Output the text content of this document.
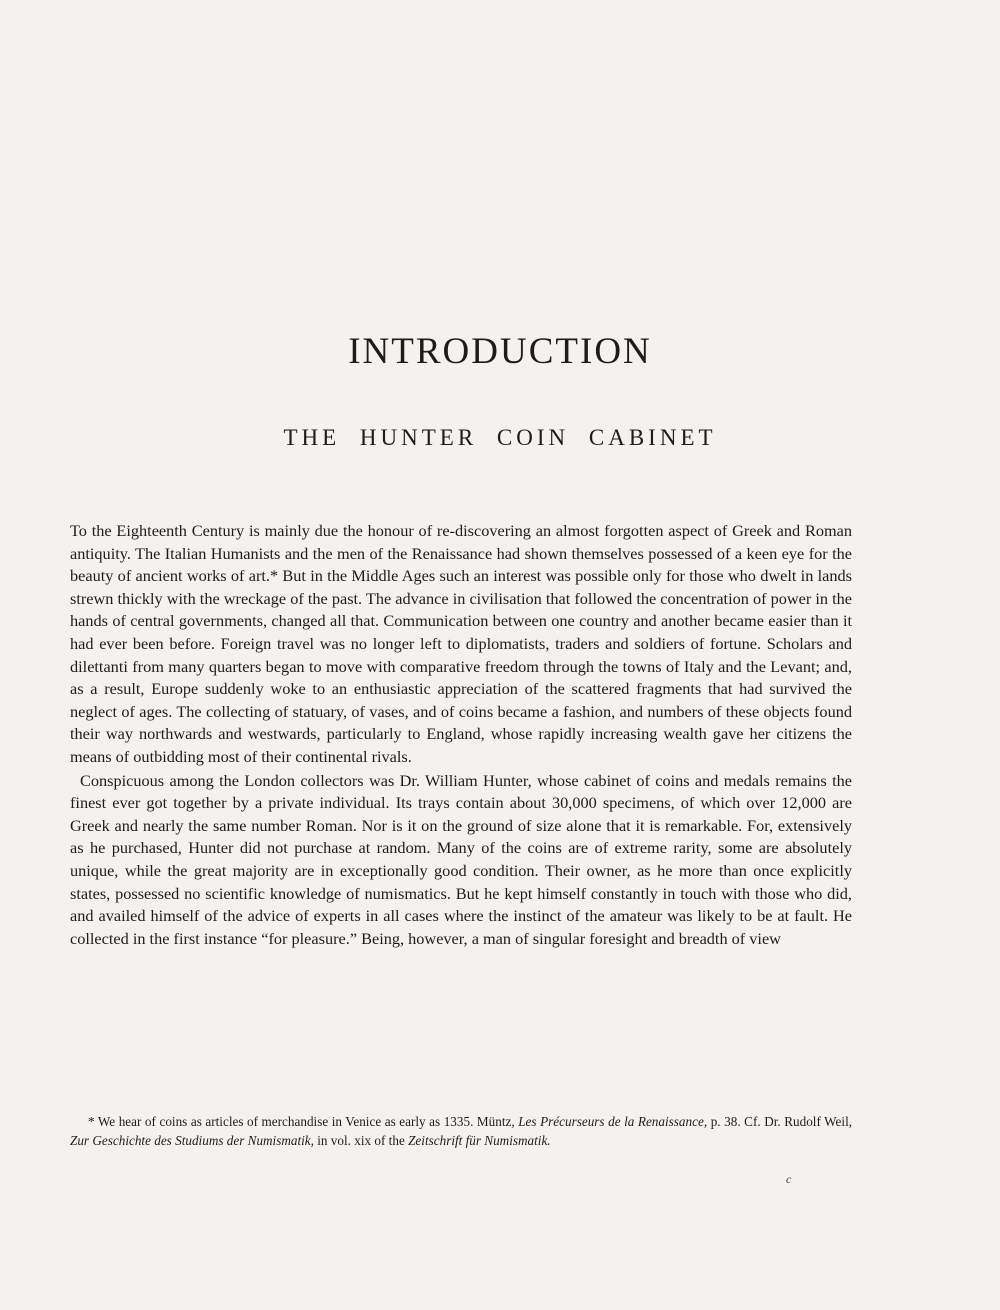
INTRODUCTION
THE HUNTER COIN CABINET

To the Eighteenth Century is mainly due the honour of re-discovering an almost forgotten aspect of Greek and Roman antiquity. The Italian Humanists and the men of the Renaissance had shown themselves possessed of a keen eye for the beauty of ancient works of art.* But in the Middle Ages such an interest was possible only for those who dwelt in lands strewn thickly with the wreckage of the past. The advance in civilisation that followed the concentration of power in the hands of central governments, changed all that. Communication between one country and another became easier than it had ever been before. Foreign travel was no longer left to diplomatists, traders and soldiers of fortune. Scholars and dilettanti from many quarters began to move with comparative freedom through the towns of Italy and the Levant; and, as a result, Europe suddenly woke to an enthusiastic appreciation of the scattered fragments that had survived the neglect of ages. The collecting of statuary, of vases, and of coins became a fashion, and numbers of these objects found their way northwards and westwards, particularly to England, whose rapidly increasing wealth gave her citizens the means of outbidding most of their continental rivals.

Conspicuous among the London collectors was Dr. William Hunter, whose cabinet of coins and medals remains the finest ever got together by a private individual. Its trays contain about 30,000 specimens, of which over 12,000 are Greek and nearly the same number Roman. Nor is it on the ground of size alone that it is remarkable. For, extensively as he purchased, Hunter did not purchase at random. Many of the coins are of extreme rarity, some are absolutely unique, while the great majority are in exceptionally good condition. Their owner, as he more than once explicitly states, possessed no scientific knowledge of numismatics. But he kept himself constantly in touch with those who did, and availed himself of the advice of experts in all cases where the instinct of the amateur was likely to be at fault. He collected in the first instance “for pleasure.” Being, however, a man of singular foresight and breadth of view

* We hear of coins as articles of merchandise in Venice as early as 1335. Müntz, Les Précurseurs de la Renaissance, p. 38. Cf. Dr. Rudolf Weil, Zur Geschichte des Studiums der Numismatik, in vol. xix of the Zeitschrift für Numismatik.

c
